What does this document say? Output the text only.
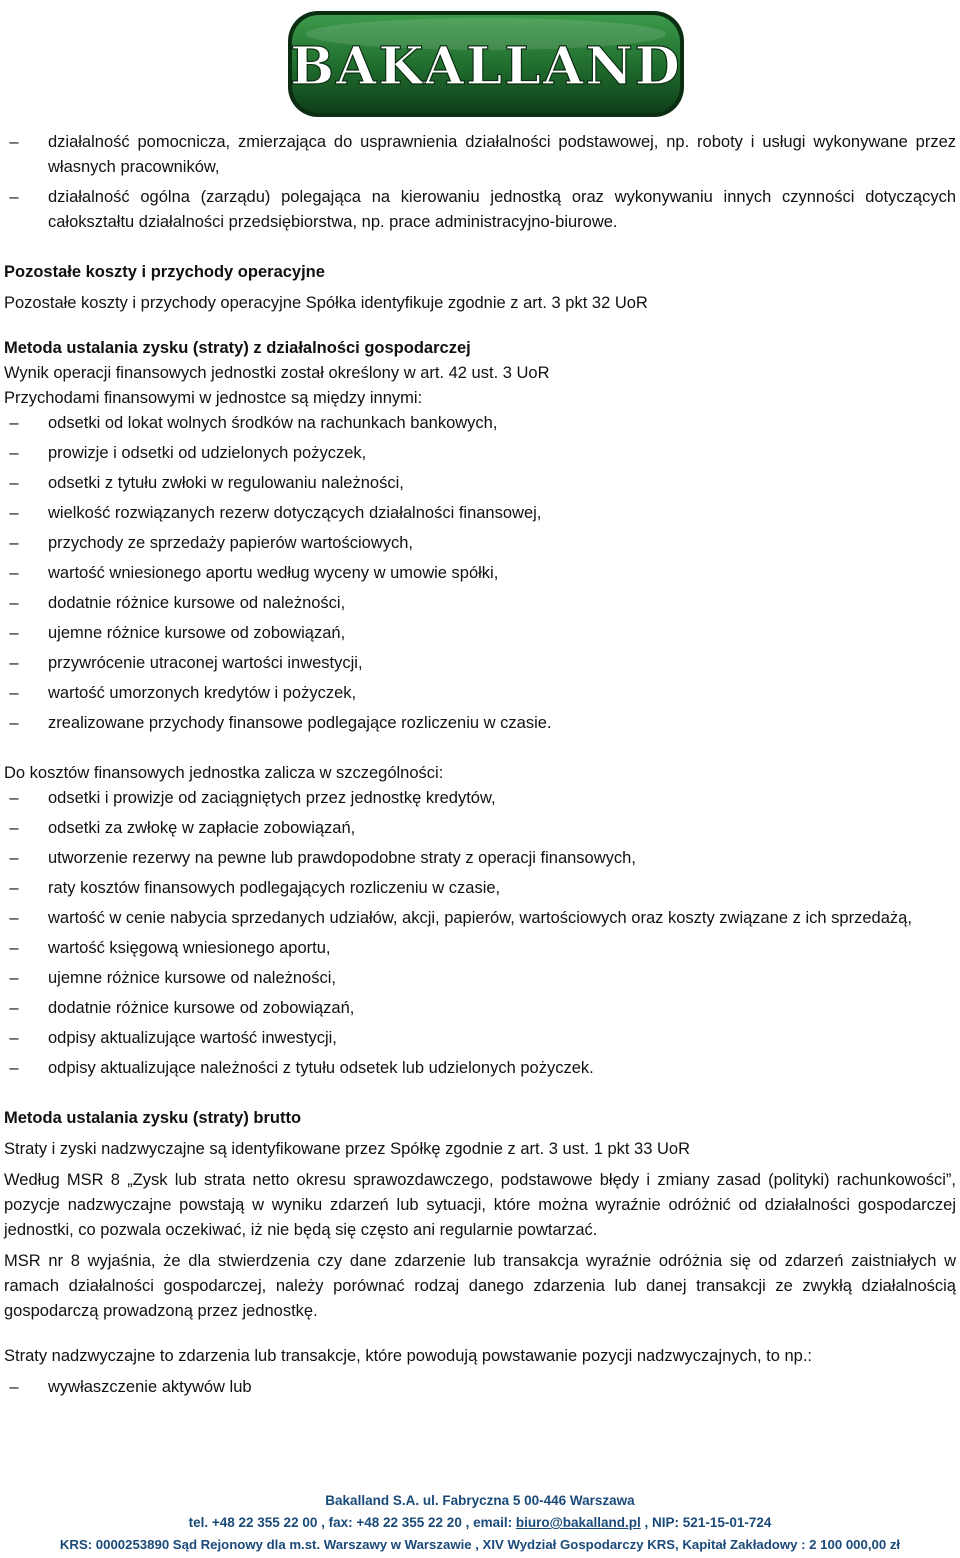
BAKALLAND
–	działalność pomocnicza, zmierzająca do usprawnienia działalności podstawowej, np. roboty i usługi wykonywane przez własnych pracowników,
–	działalność ogólna (zarządu) polegająca na kierowaniu jednostką oraz wykonywaniu innych czynności dotyczących całokształtu działalności przedsiębiorstwa, np. prace administracyjno-biurowe.

Pozostałe koszty i przychody operacyjne

Pozostałe koszty i przychody operacyjne Spółka identyfikuje zgodnie z art. 3 pkt 32 UoR

Metoda ustalania zysku (straty) z działalności gospodarczej

Wynik operacji finansowych jednostki został określony w art. 42 ust. 3 UoR

Przychodami finansowymi w jednostce są między innymi:

–	odsetki od lokat wolnych środków na rachunkach bankowych,
–	prowizje i odsetki od udzielonych pożyczek,
–	odsetki z tytułu zwłoki w regulowaniu należności,
–	wielkość rozwiązanych rezerw dotyczących działalności finansowej,
–	przychody ze sprzedaży papierów wartościowych,
–	wartość wniesionego aportu według wyceny w umowie spółki,
–	dodatnie różnice kursowe od należności,
–	ujemne różnice kursowe od zobowiązań,
–	przywrócenie utraconej wartości inwestycji,
–	wartość umorzonych kredytów i pożyczek,
–	zrealizowane przychody finansowe podlegające rozliczeniu w czasie.

Do kosztów finansowych jednostka zalicza w szczególności:

–	odsetki i prowizje od zaciągniętych przez jednostkę kredytów,
–	odsetki za zwłokę w zapłacie zobowiązań,
–	utworzenie rezerwy na pewne lub prawdopodobne straty z operacji finansowych,
–	raty kosztów finansowych podlegających rozliczeniu w czasie,
–	wartość w cenie nabycia sprzedanych udziałów, akcji, papierów, wartościowych oraz koszty związane z ich sprzedażą,
–	wartość księgową wniesionego aportu,
–	ujemne różnice kursowe od należności,
–	dodatnie różnice kursowe od zobowiązań,
–	odpisy aktualizujące wartość inwestycji,
–	odpisy aktualizujące należności z tytułu odsetek lub udzielonych pożyczek.

Metoda ustalania zysku (straty) brutto

Straty i zyski nadzwyczajne są identyfikowane przez Spółkę zgodnie z art. 3 ust. 1 pkt 33 UoR

Według MSR 8 „Zysk lub strata netto okresu sprawozdawczego, podstawowe błędy i zmiany zasad (polityki) rachunkowości”, pozycje nadzwyczajne powstają w wyniku zdarzeń lub sytuacji, które można wyraźnie odróżnić od działalności gospodarczej jednostki, co pozwala oczekiwać, iż nie będą się często ani regularnie powtarzać.

MSR nr 8 wyjaśnia, że dla stwierdzenia czy dane zdarzenie lub transakcja wyraźnie odróżnia się od zdarzeń zaistniałych w ramach działalności gospodarczej, należy porównać rodzaj danego zdarzenia lub danej transakcji ze zwykłą działalnością gospodarczą prowadzoną przez jednostkę.

Straty nadzwyczajne to zdarzenia lub transakcje, które powodują powstawanie pozycji nadzwyczajnych, to np.:

–	wywłaszczenie aktywów lub
Bakalland S.A. ul. Fabryczna 5 00-446 Warszawa
tel. +48 22 355 22 00 , fax: +48 22 355 22 20 , email: biuro@bakalland.pl , NIP: 521-15-01-724
KRS: 0000253890 Sąd Rejonowy dla m.st. Warszawy w Warszawie , XIV Wydział Gospodarczy KRS, Kapitał Zakładowy : 2 100 000,00 zł
